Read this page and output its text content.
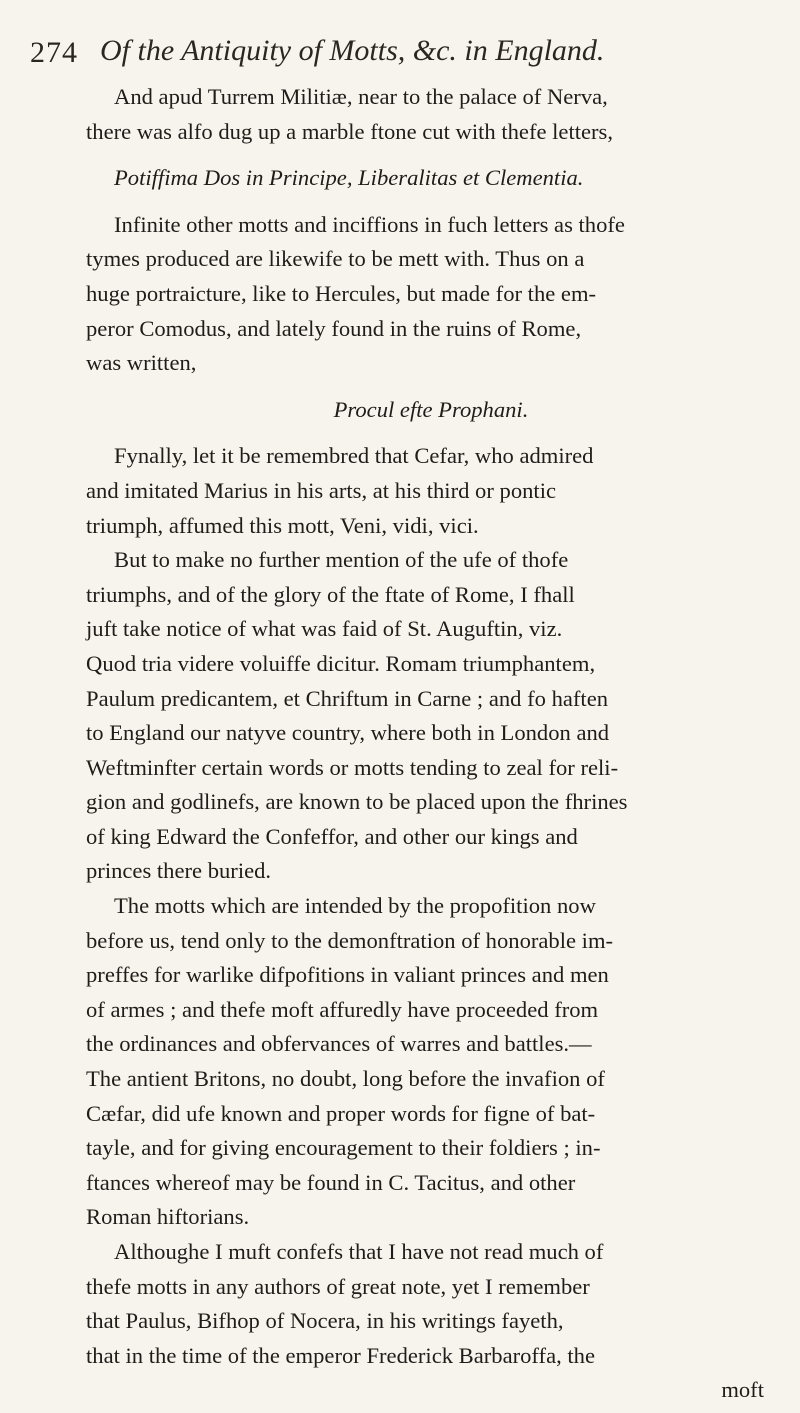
274 Of the Antiquity of Motts, &c. in England.
And apud Turrem Militiæ, near to the palace of Nerva,
there was alfo dug up a marble ftone cut with thefe letters,
Potiffima Dos in Principe, Liberalitas et Clementia.
Infinite other motts and inciffions in fuch letters as thofe
tymes produced are likewife to be mett with. Thus on a
huge portraicture, like to Hercules, but made for the em-
peror Comodus, and lately found in the ruins of Rome,
was written,
Procul efte Prophani.
Fynally, let it be remembred that Cefar, who admired
and imitated Marius in his arts, at his third or pontic
triumph, affumed this mott, Veni, vidi, vici.
But to make no further mention of the ufe of thofe
triumphs, and of the glory of the ftate of Rome, I fhall
juft take notice of what was faid of St. Auguftin, viz.
Quod tria videre voluiffe dicitur. Romam triumphantem,
Paulum predicantem, et Chriftum in Carne ; and fo haften
to England our natyve country, where both in London and
Weftminfter certain words or motts tending to zeal for reli-
gion and godlinefs, are known to be placed upon the fhrines
of king Edward the Confeffor, and other our kings and
princes there buried.
The motts which are intended by the propofition now
before us, tend only to the demonftration of honorable im-
preffes for warlike difpofitions in valiant princes and men
of armes ; and thefe moft affuredly have proceeded from
the ordinances and obfervances of warres and battles.—
The antient Britons, no doubt, long before the invafion of
Cæfar, did ufe known and proper words for figne of bat-
tayle, and for giving encouragement to their foldiers ; in-
ftances whereof may be found in C. Tacitus, and other
Roman hiftorians.
Althoughe I muft confefs that I have not read much of
thefe motts in any authors of great note, yet I remember
that Paulus, Bifhop of Nocera, in his writings fayeth,
that in the time of the emperor Frederick Barbaroffa, the
moft
